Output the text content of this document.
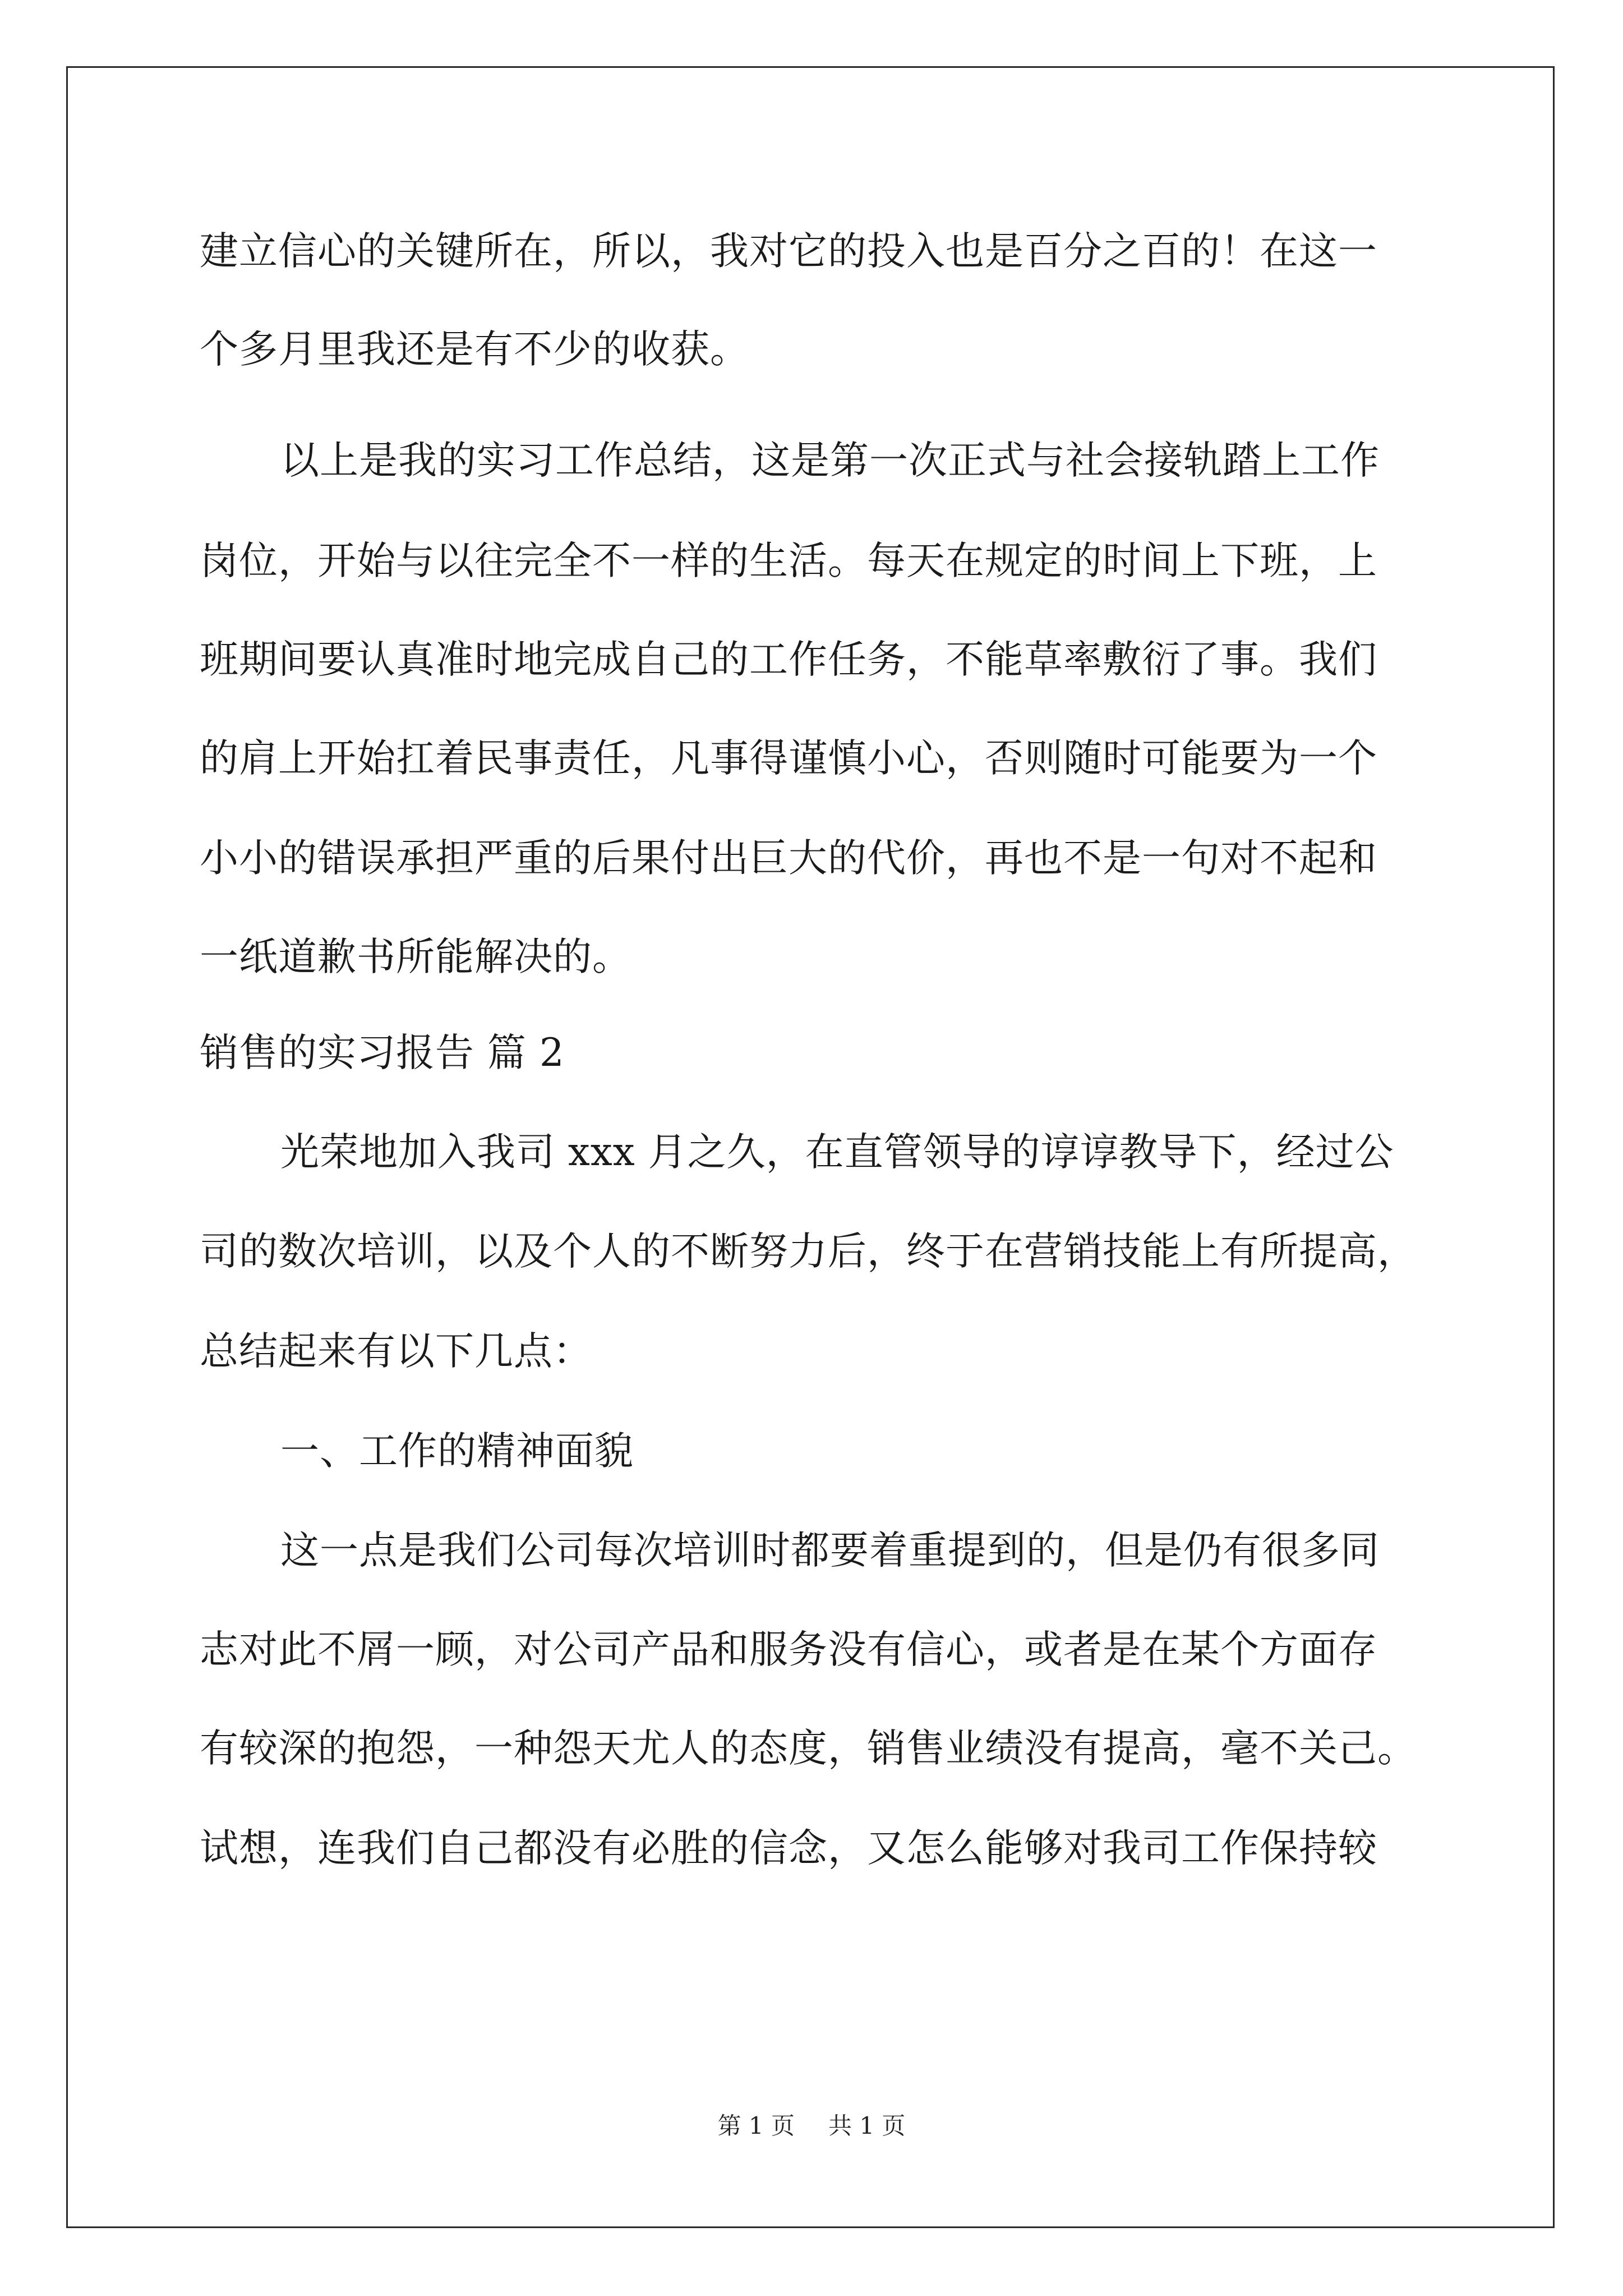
建立信心的关键所在，所以，我对它的投入也是百分之百的！在这一
个多月里我还是有不少的收获。
以上是我的实习工作总结，这是第一次正式与社会接轨踏上工作
岗位，开始与以往完全不一样的生活。每天在规定的时间上下班，上
班期间要认真准时地完成自己的工作任务，不能草率敷衍了事。我们
的肩上开始扛着民事责任，凡事得谨慎小心，否则随时可能要为一个
小小的错误承担严重的后果付出巨大的代价，再也不是一句对不起和
一纸道歉书所能解决的。
销售的实习报告 篇 2
光荣地加入我司 xxx 月之久，在直管领导的谆谆教导下，经过公
司的数次培训，以及个人的不断努力后，终于在营销技能上有所提高，
总结起来有以下几点：
一、工作的精神面貌
这一点是我们公司每次培训时都要着重提到的，但是仍有很多同
志对此不屑一顾，对公司产品和服务没有信心，或者是在某个方面存
有较深的抱怨，一种怨天尤人的态度，销售业绩没有提高，毫不关己。
试想，连我们自己都没有必胜的信念，又怎么能够对我司工作保持较
第 1 页 共 1 页
